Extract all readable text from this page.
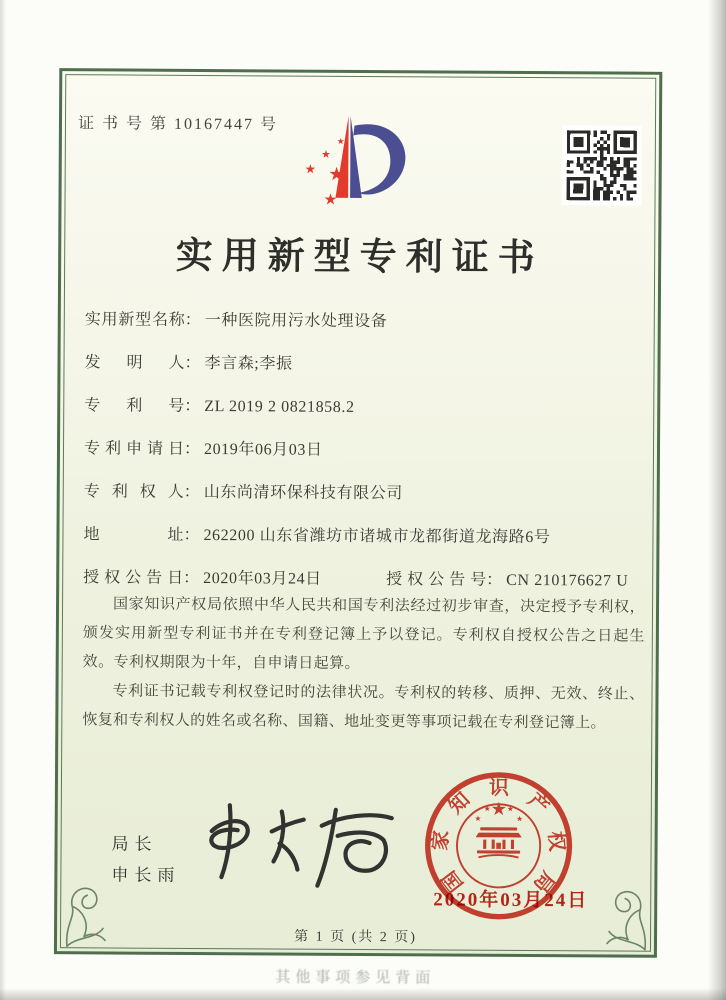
证 书 号 第 10167447 号
★
★
★ ★
★
实用新型专利证书
实用新型名称： 一种医院用污水处理设备
发明人： 李言森;李振
专利号： ZL 2019 2 0821858.2
专利申请日： 2019年06月03日
专利权人： 山东尚清环保科技有限公司
地址： 262200 山东省潍坊市诸城市龙都街道龙海路6号
授权公告日： 2020年03月24日	授权公告号： CN 210176627 U

国家知识产权局依照中华人民共和国专利法经过初步审查，决定授予专利权，颁发实用新型专利证书并在专利登记簿上予以登记。专利权自授权公告之日起生效。专利权期限为十年，自申请日起算。

专利证书记载专利权登记时的法律状况。专利权的转移、质押、无效、终止、恢复和专利权人的姓名或名称、国籍、地址变更等事项记载在专利登记簿上。

局长
申长雨
★
★
★ ★
★
国
家
知
识
产
权
局
2020年03月24日
第 1 页 (共 2 页)
其他事项参见背面
